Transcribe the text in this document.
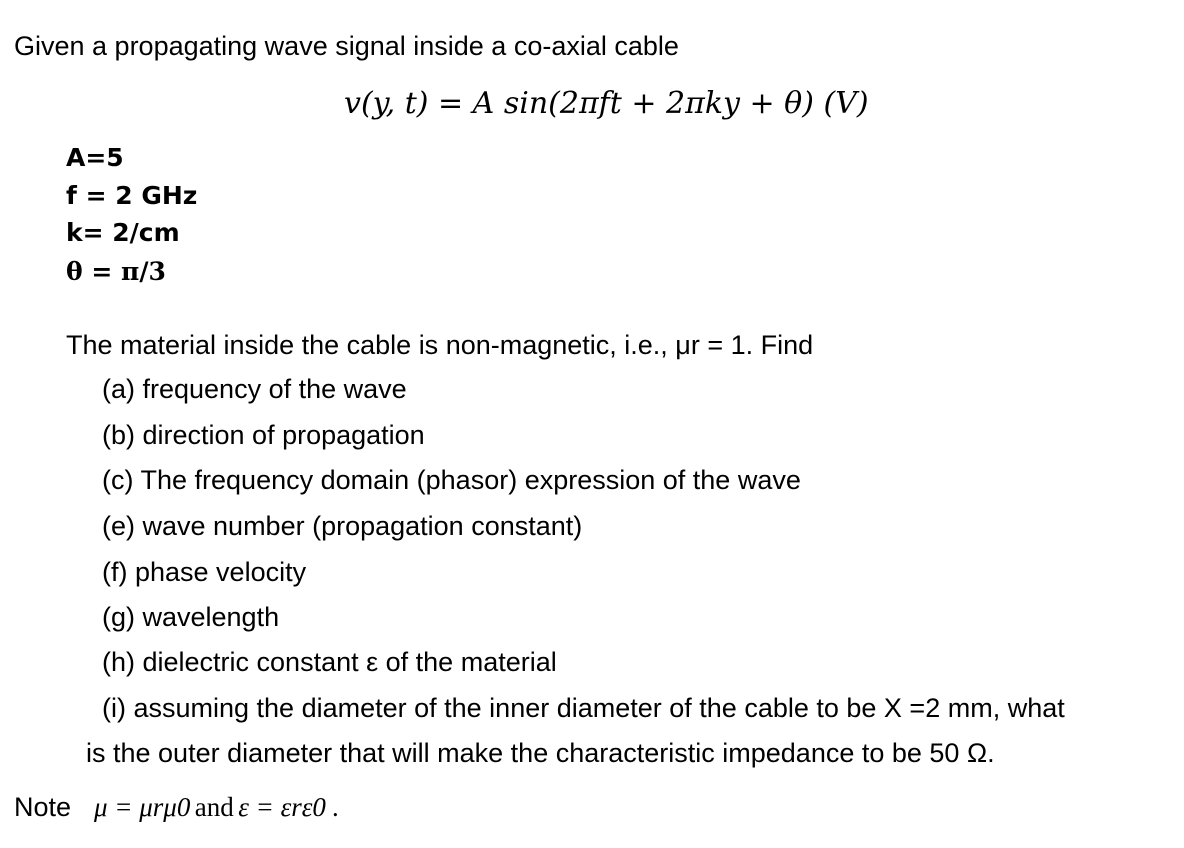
Given a propagating wave signal inside a co-axial cable
v(y, t) = A sin(2πft + 2πky + θ) (V)
A=5
f = 2 GHz
k= 2/cm
θ = π/3
The material inside the cable is non-magnetic, i.e., μr = 1. Find
(a) frequency of the wave
(b) direction of propagation
(c) The frequency domain (phasor) expression of the wave
(e) wave number (propagation constant)
(f) phase velocity
(g) wavelength
(h) dielectric constant ε of the material
(i) assuming the diameter of the inner diameter of the cable to be X =2 mm, what
is the outer diameter that will make the characteristic impedance to be 50 Ω.
Note μ = μrμ0 and ε = εrε0 .
